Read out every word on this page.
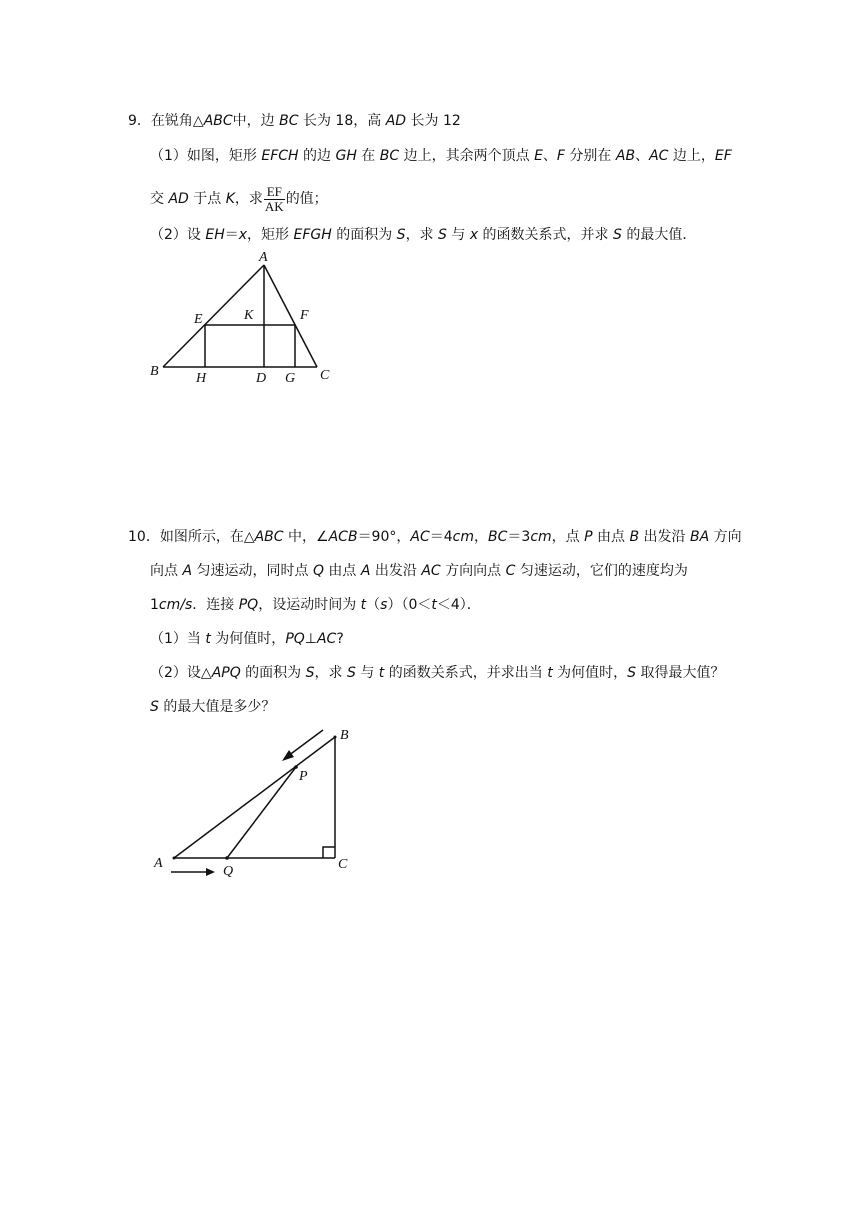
9．在锐角△ABC中，边 BC 长为 18，高 AD 长为 12
（1）如图，矩形 EFCH 的边 GH 在 BC 边上，其余两个顶点 E、F 分别在 AB、AC 边上，EF
交 AD 于点 K，求 $\frac{EF}{AK}$ 的值；
（2）设 EH＝x，矩形 EFGH 的面积为 S，求 S 与 x 的函数关系式，并求 S 的最大值．
A
B	C
D
E	F
G
H
K
10．如图所示，在△ABC 中，∠ACB＝90°，AC＝4cm，BC＝3cm，点 P 由点 B 出发沿 BA 方向
向点 A 匀速运动，同时点 Q 由点 A 出发沿 AC 方向向点 C 匀速运动，它们的速度均为
1cm/s．连接 PQ，设运动时间为 t（s）（0＜t＜4）．
（1）当 t 为何值时，PQ⊥AC?
（2）设△APQ 的面积为 S，求 S 与 t 的函数关系式，并求出当 t 为何值时，S 取得最大值？
S 的最大值是多少？
A
B
C
P
Q
